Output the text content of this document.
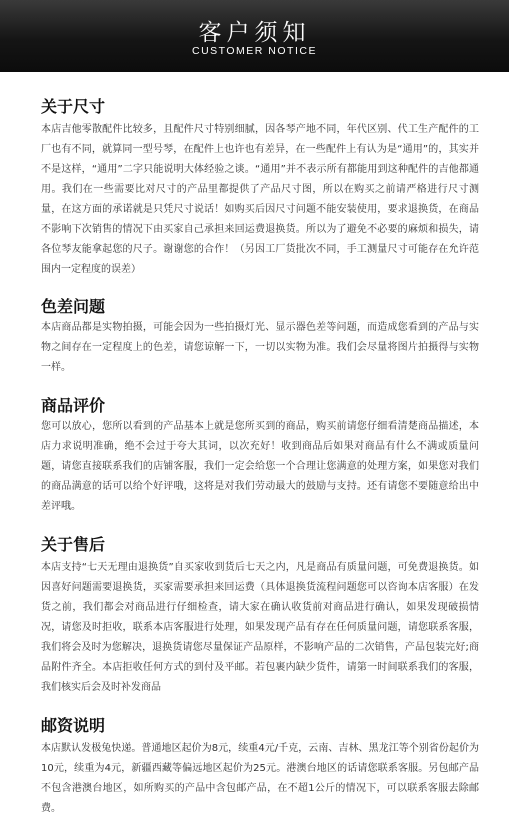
客户须知
CUSTOMER NOTICE
关于尺寸

本店吉他零散配件比较多，且配件尺寸特别细腻，因各琴产地不同，年代区别、代工生产配件的工厂也有不同，就算同一型号琴，在配件上也许也有差异，在一些配件上有认为是“通用”的，其实并不是这样，“通用”二字只能说明大体经验之谈。“通用”并不表示所有都能用到这种配件的吉他都通用。我们在一些需要比对尺寸的产品里都提供了产品尺寸图，所以在购买之前请严格进行尺寸测量，在这方面的承诺就是只凭尺寸说话！如购买后因尺寸问题不能安装使用，要求退换货，在商品不影响下次销售的情况下由买家自己承担来回运费退换货。所以为了避免不必要的麻烦和损失，请各位琴友能拿起您的尺子。谢谢您的合作！（另因工厂货批次不同，手工测量尺寸可能存在允许范围内一定程度的误差）

色差问题

本店商品都是实物拍摄，可能会因为一些拍摄灯光、显示器色差等问题，而造成您看到的产品与实物之间存在一定程度上的色差，请您谅解一下，一切以实物为准。我们会尽量将图片拍摄得与实物一样。

商品评价

您可以放心，您所以看到的产品基本上就是您所买到的商品，购买前请您仔细看清楚商品描述，本店力求说明准确，绝不会过于夸大其词，以次充好！收到商品后如果对商品有什么不满或质量问题，请您直接联系我们的店铺客服，我们一定会给您一个合理让您满意的处理方案，如果您对我们的商品满意的话可以给个好评哦，这将是对我们劳动最大的鼓励与支持。还有请您不要随意给出中差评哦。

关于售后

本店支持“七天无理由退换货”自买家收到货后七天之内，凡是商品有质量问题，可免费退换货。如因喜好问题需要退换货，买家需要承担来回运费（具体退换货流程问题您可以咨询本店客服）在发货之前，我们都会对商品进行仔细检查，请大家在确认收货前对商品进行确认，如果发现破损情况，请您及时拒收，联系本店客服进行处理，如果发现产品有存在任何质量问题，请您联系客服，我们将会及时为您解决，退换货请您尽量保证产品原样，不影响产品的二次销售，产品包装完好;商品附件齐全。本店拒收任何方式的到付及平邮。若包裹内缺少货件，请第一时间联系我们的客服，我们核实后会及时补发商品

邮资说明

本店默认发极兔快递。普通地区起价为8元，续重4元/千克，云南、吉林、黑龙江等个别省份起价为10元，续重为4元，新疆西藏等偏远地区起价为25元。港澳台地区的话请您联系客服。另包邮产品不包含港澳台地区，如所购买的产品中含包邮产品，在不超1公斤的情况下，可以联系客服去除邮费。
